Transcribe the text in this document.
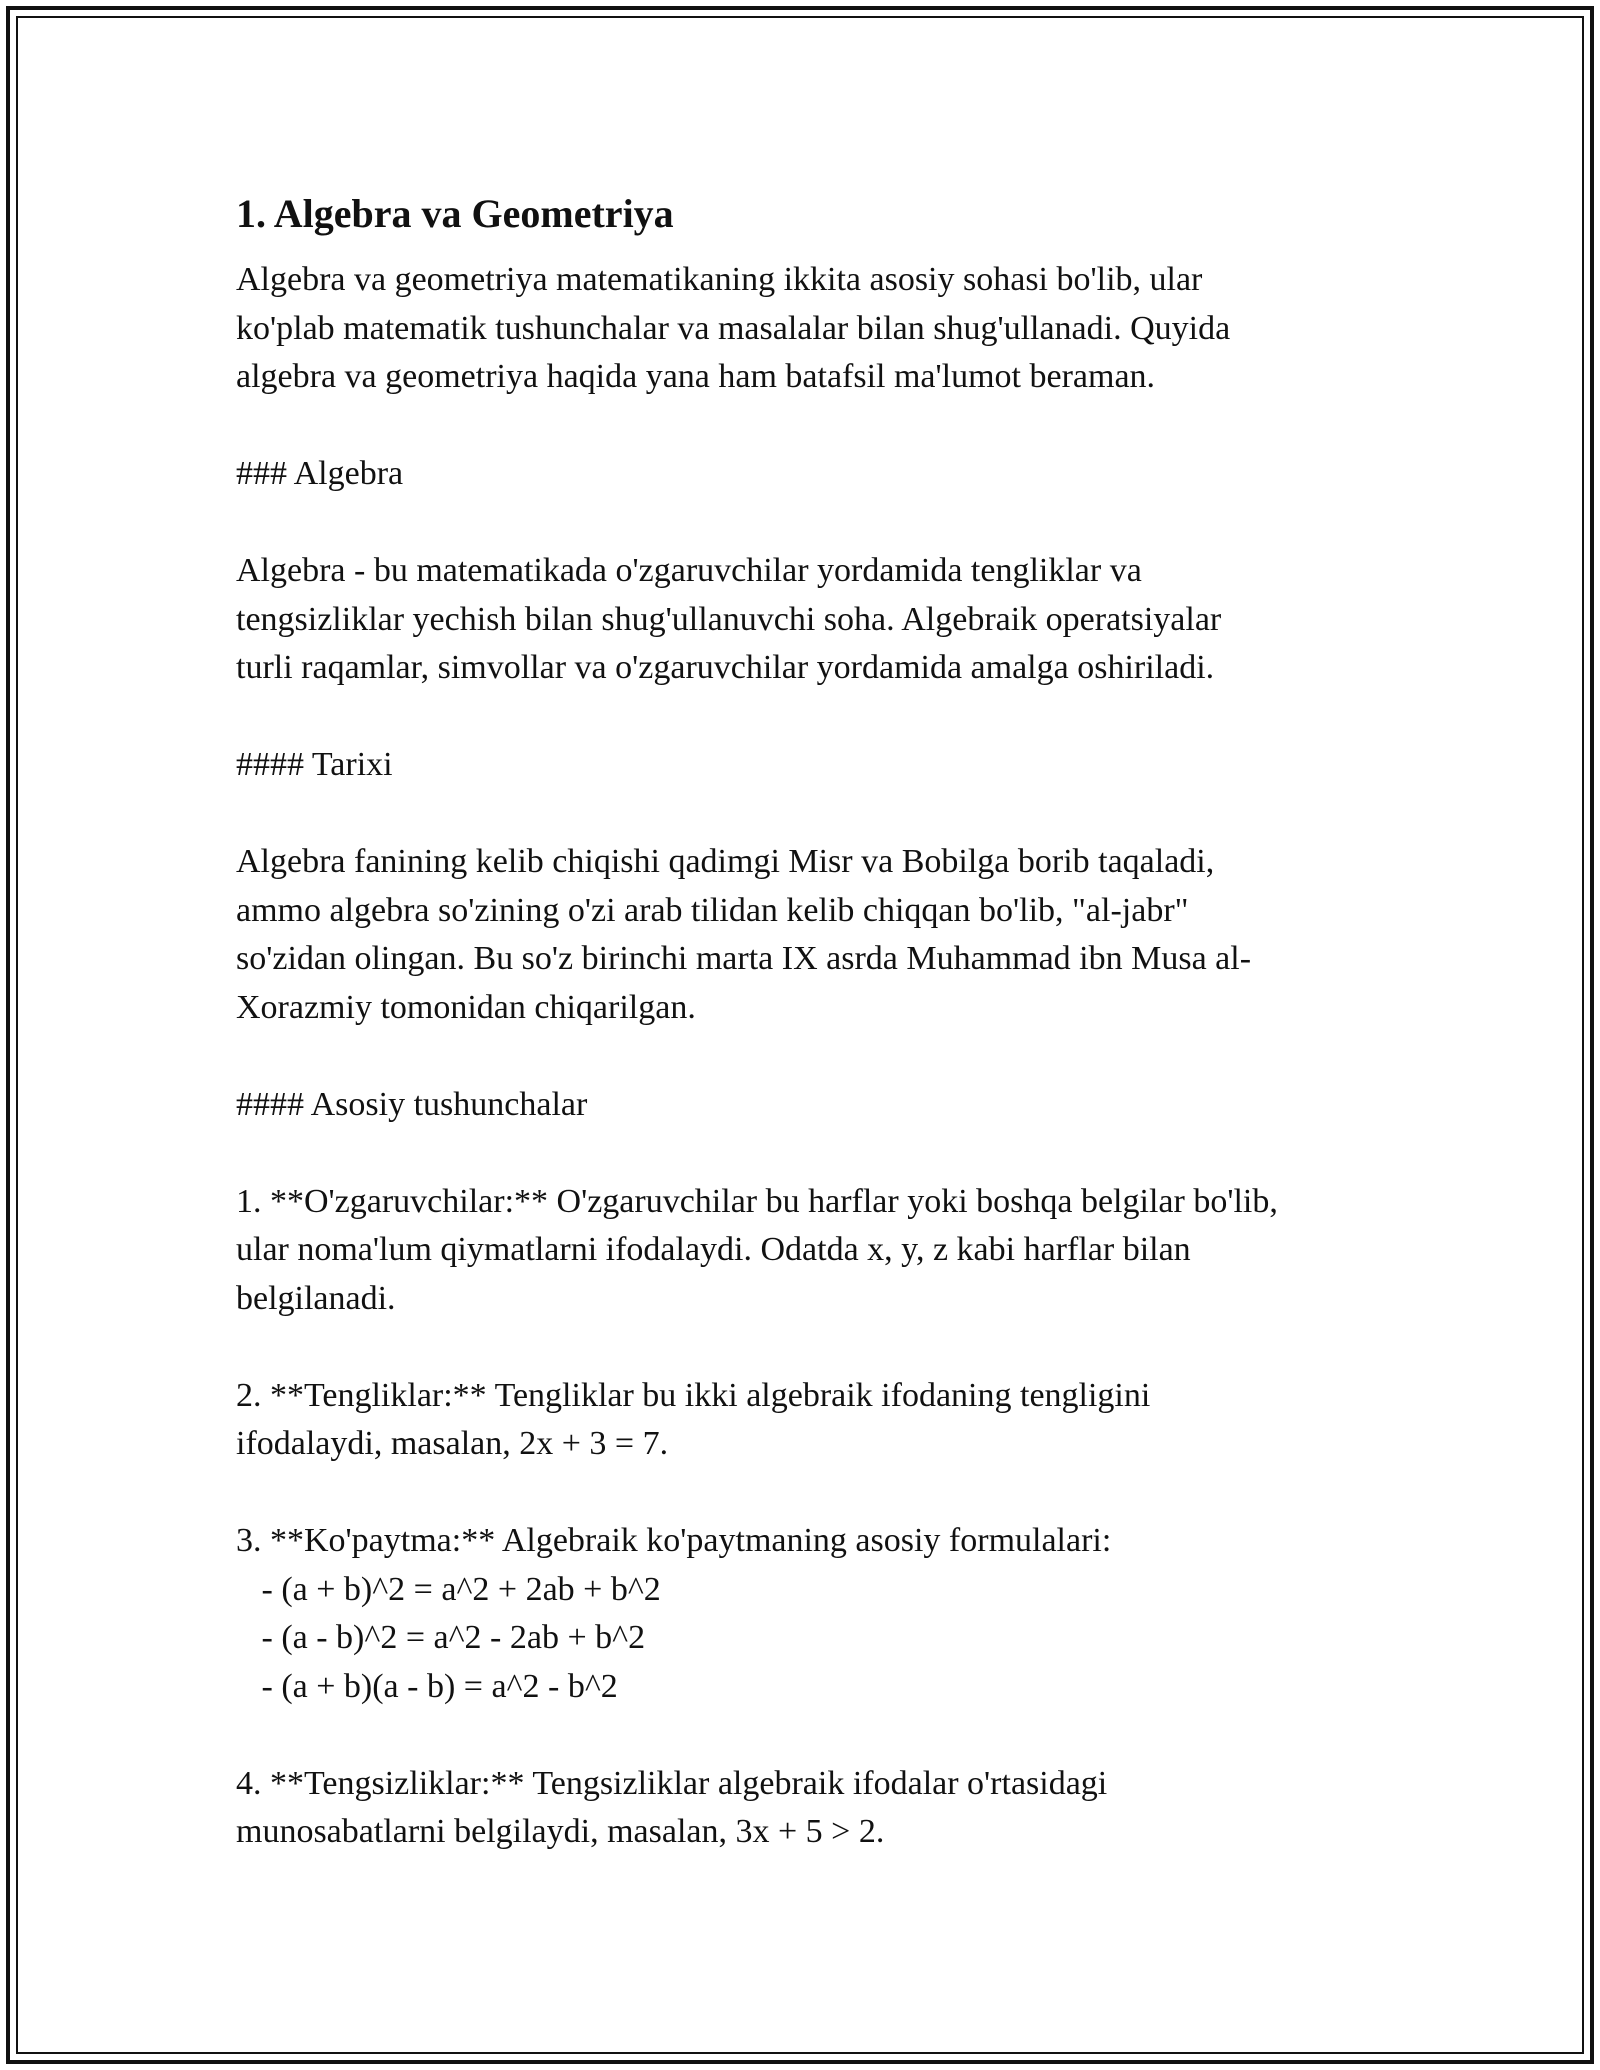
1. Algebra va Geometriya

Algebra va geometriya matematikaning ikkita asosiy sohasi bo'lib, ular
ko'plab matematik tushunchalar va masalalar bilan shug'ullanadi. Quyida
algebra va geometriya haqida yana ham batafsil ma'lumot beraman.

### Algebra

Algebra - bu matematikada o'zgaruvchilar yordamida tengliklar va
tengsizliklar yechish bilan shug'ullanuvchi soha. Algebraik operatsiyalar
turli raqamlar, simvollar va o'zgaruvchilar yordamida amalga oshiriladi.

#### Tarixi

Algebra fanining kelib chiqishi qadimgi Misr va Bobilga borib taqaladi,
ammo algebra so'zining o'zi arab tilidan kelib chiqqan bo'lib, "al-jabr"
so'zidan olingan. Bu so'z birinchi marta IX asrda Muhammad ibn Musa al-
Xorazmiy tomonidan chiqarilgan.

#### Asosiy tushunchalar

1. **O'zgaruvchilar:** O'zgaruvchilar bu harflar yoki boshqa belgilar bo'lib,
ular noma'lum qiymatlarni ifodalaydi. Odatda x, y, z kabi harflar bilan
belgilanadi.

2. **Tengliklar:** Tengliklar bu ikki algebraik ifodaning tengligini
ifodalaydi, masalan, 2x + 3 = 7.

3. **Ko'paytma:** Algebraik ko'paytmaning asosiy formulalari:
- (a + b)^2 = a^2 + 2ab + b^2
- (a - b)^2 = a^2 - 2ab + b^2
- (a + b)(a - b) = a^2 - b^2

4. **Tengsizliklar:** Tengsizliklar algebraik ifodalar o'rtasidagi
munosabatlarni belgilaydi, masalan, 3x + 5 > 2.
